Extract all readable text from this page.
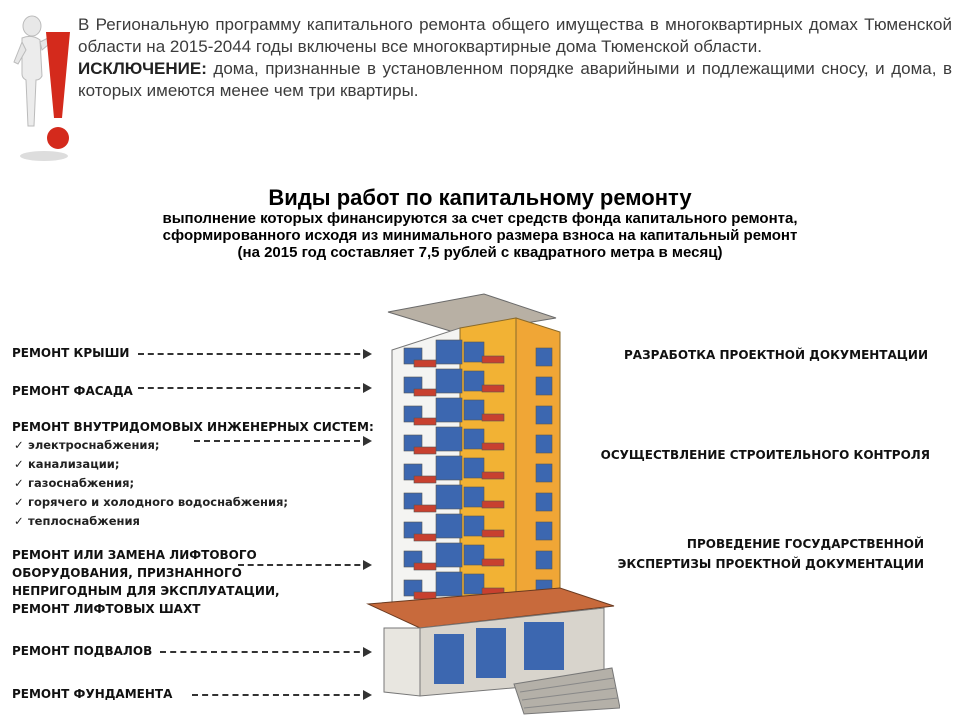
В Региональную программу капитального ремонта общего имущества в многоквартирных домах Тюменской области на 2015-2044 годы включены все многоквартирные дома Тюменской области.

ИСКЛЮЧЕНИЕ: дома, признанные в установленном порядке аварийными и подлежащими сносу, и дома, в которых имеются менее чем три квартиры.

Виды работ по капитальному ремонту
выполнение которых финансируются за счет средств фонда капитального ремонта,
сформированного исходя из минимального размера взноса на капитальный ремонт
(на 2015 год составляет 7,5 рублей с квадратного метра в месяц)
РЕМОНТ КРЫШИ
РЕМОНТ ФАСАДА
РЕМОНТ ВНУТРИДОМОВЫХ ИНЖЕНЕРНЫХ СИСТЕМ:
✓ электроснабжения;
✓ канализации;
✓ газоснабжения;
✓ горячего и холодного водоснабжения;
✓ теплоснабжения
РЕМОНТ ИЛИ ЗАМЕНА ЛИФТОВОГО
ОБОРУДОВАНИЯ, ПРИЗНАННОГО
НЕПРИГОДНЫМ ДЛЯ ЭКСПЛУАТАЦИИ,
РЕМОНТ ЛИФТОВЫХ ШАХТ
РЕМОНТ ПОДВАЛОВ
РЕМОНТ ФУНДАМЕНТА
РАЗРАБОТКА ПРОЕКТНОЙ ДОКУМЕНТАЦИИ
ОСУЩЕСТВЛЕНИЕ СТРОИТЕЛЬНОГО КОНТРОЛЯ
ПРОВЕДЕНИЕ ГОСУДАРСТВЕННОЙ
ЭКСПЕРТИЗЫ ПРОЕКТНОЙ ДОКУМЕНТАЦИИ
